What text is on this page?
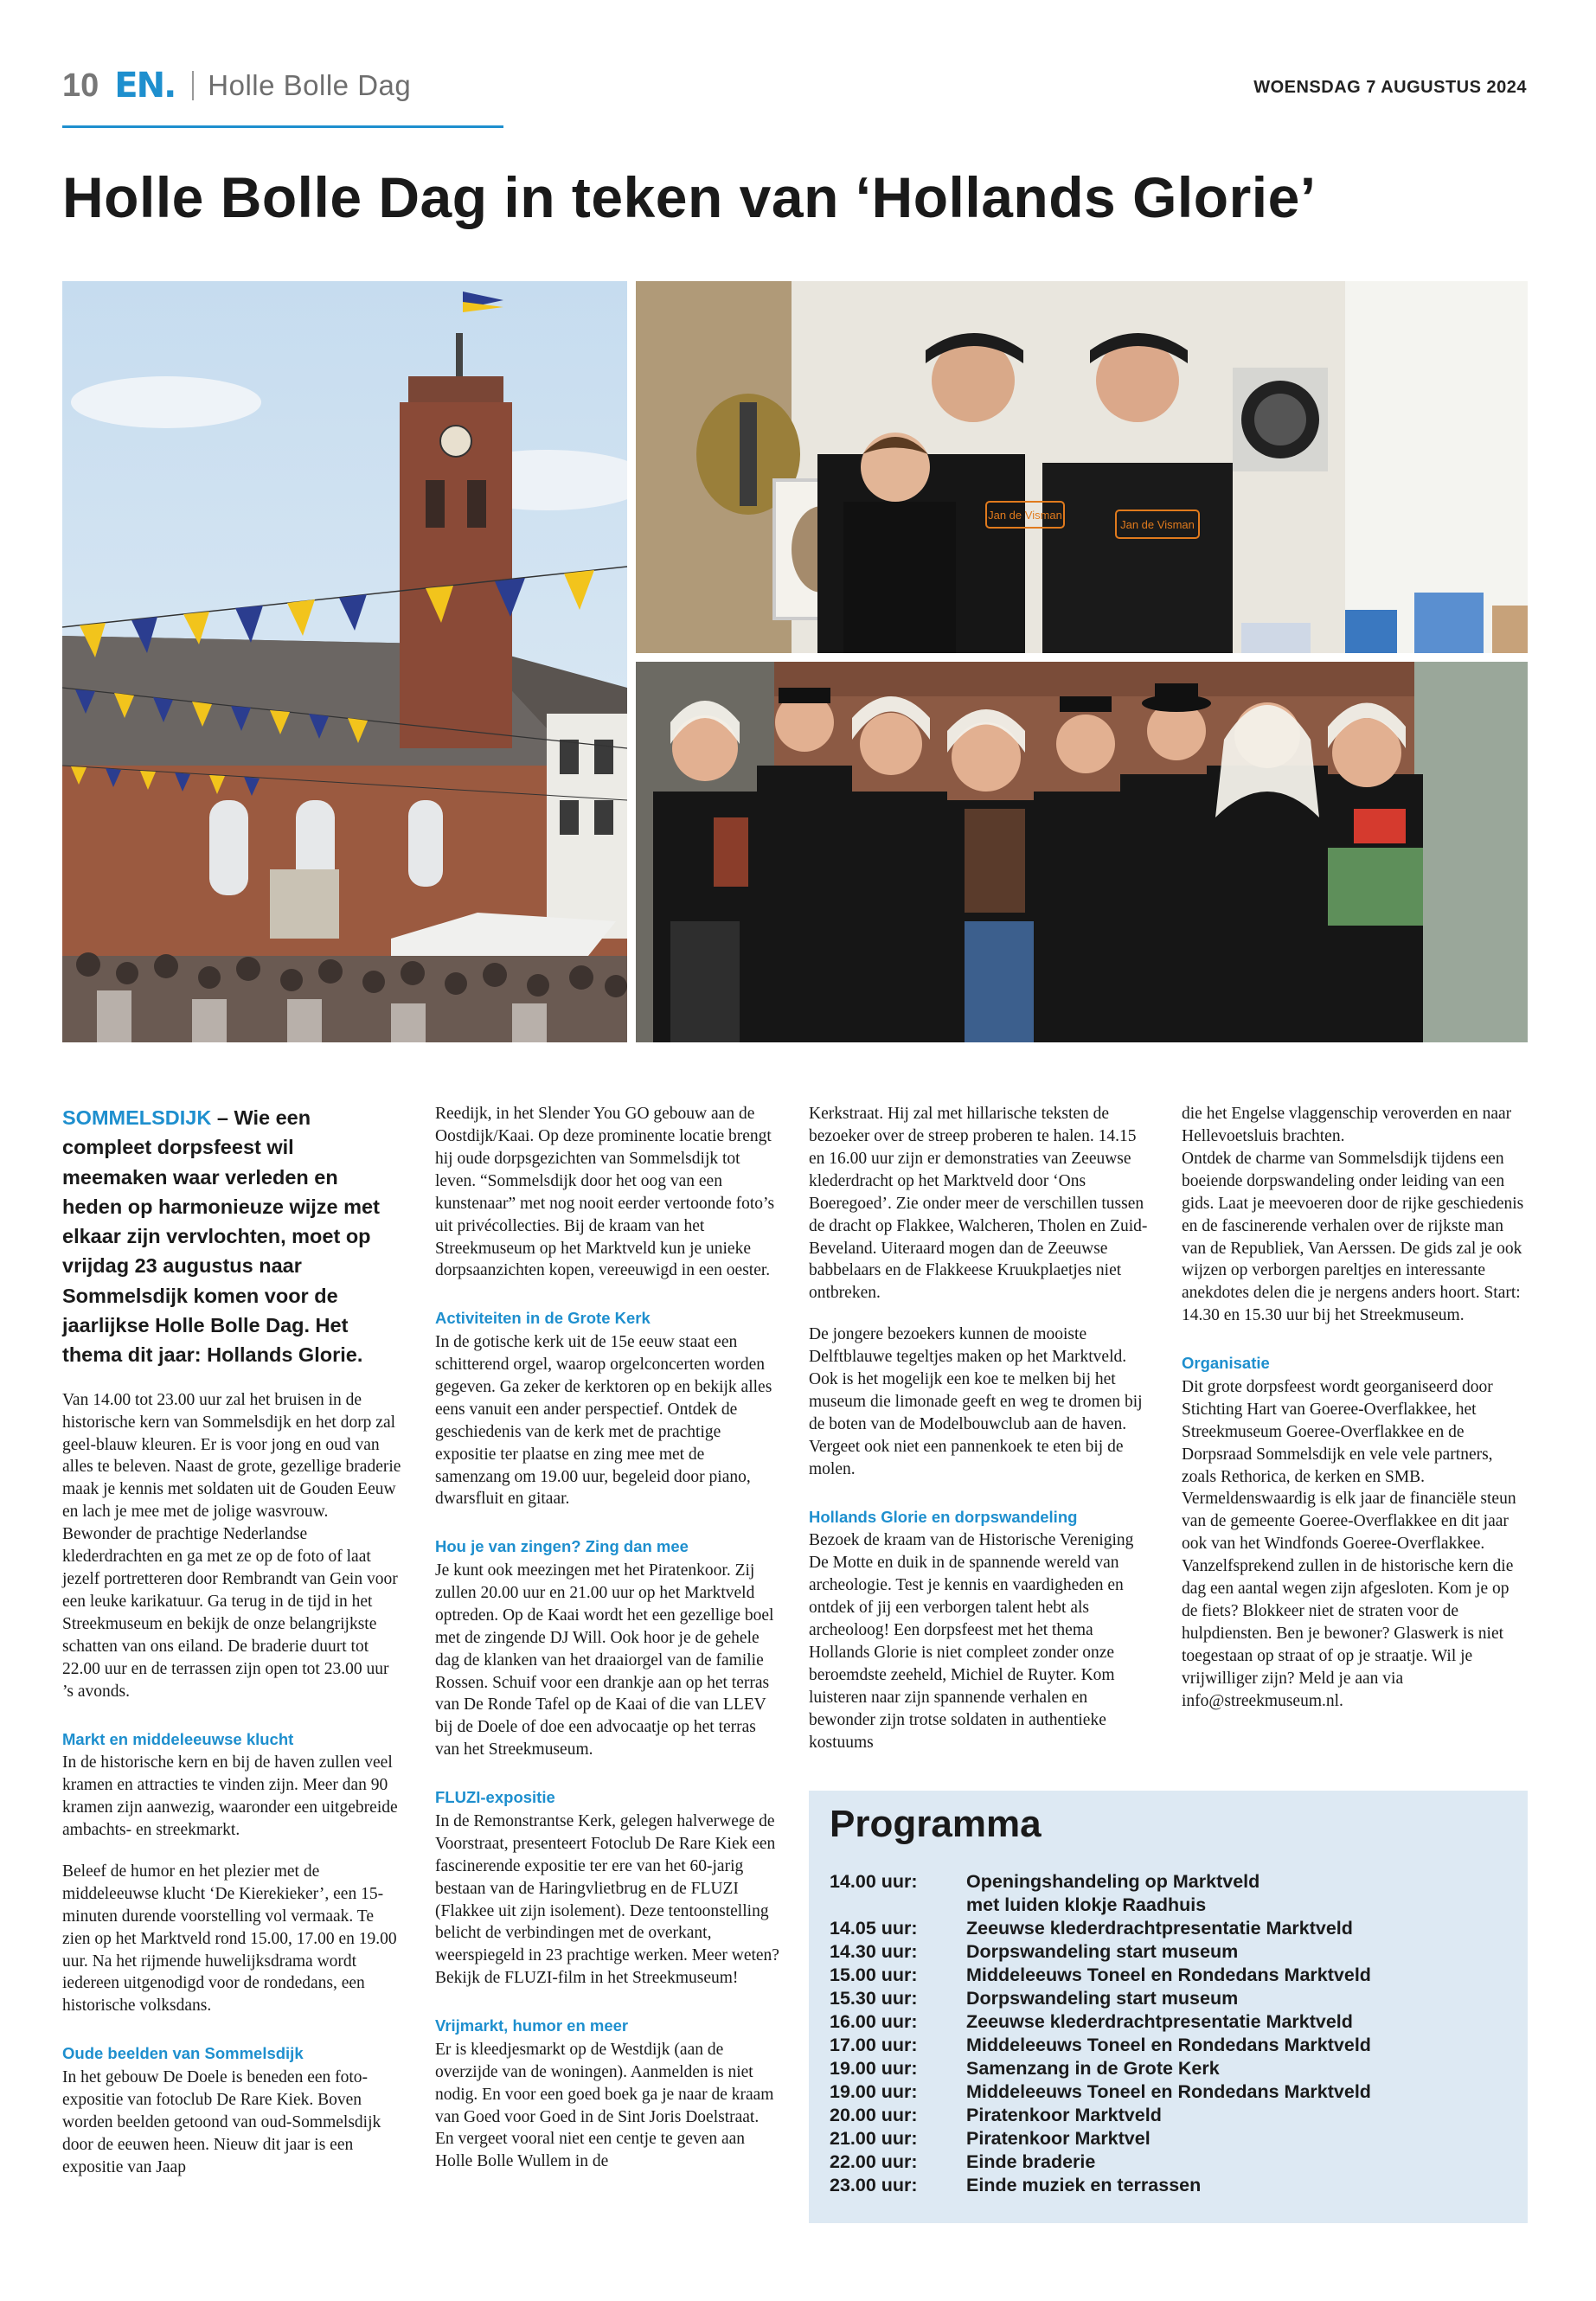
10 EN. Holle Bolle Dag	WOENSDAG 7 AUGUSTUS 2024
Holle Bolle Dag in teken van ‘Hollands Glorie’
Jan de Visman
Jan de Visman

SOMMELSDIJK – Wie een compleet dorpsfeest wil meemaken waar verleden en heden op harmonieuze wijze met elkaar zijn vervlochten, moet op vrijdag 23 augustus naar Sommelsdijk komen voor de jaarlijkse Holle Bolle Dag. Het thema dit jaar: Hollands Glorie.

Van 14.00 tot 23.00 uur zal het bruisen in de historische kern van Sommelsdijk en het dorp zal geel-blauw kleuren. Er is voor jong en oud van alles te beleven. Naast de grote, gezellige braderie maak je kennis met soldaten uit de Gouden Eeuw en lach je mee met de jolige wasvrouw. Bewonder de prachtige Nederlandse klederdrachten en ga met ze op de foto of laat jezelf portretteren door Rembrandt van Gein voor een leuke karikatuur. Ga terug in de tijd in het Streekmuseum en bekijk de onze belangrijkste schatten van ons eiland. De braderie duurt tot 22.00 uur en de terrassen zijn open tot 23.00 uur ’s avonds.

Markt en middeleeuwse klucht

In de historische kern en bij de haven zullen veel kramen en attracties te vinden zijn. Meer dan 90 kramen zijn aanwezig, waaronder een uitgebreide ambachts- en streekmarkt.

Beleef de humor en het plezier met de middeleeuwse klucht ‘De Kierekieker’, een 15-minuten durende voorstelling vol vermaak. Te zien op het Marktveld rond 15.00, 17.00 en 19.00 uur. Na het rijmende huwelijksdrama wordt iedereen uitgenodigd voor de rondedans, een historische volksdans.

Oude beelden van Sommelsdijk

In het gebouw De Doele is beneden een foto-expositie van fotoclub De Rare Kiek. Boven worden beelden getoond van oud-Sommelsdijk door de eeuwen heen. Nieuw dit jaar is een expositie van Jaap

Reedijk, in het Slender You GO gebouw aan de Oostdijk/Kaai. Op deze prominente locatie brengt hij oude dorpsgezichten van Sommelsdijk tot leven. “Sommelsdijk door het oog van een kunstenaar” met nog nooit eerder vertoonde foto’s uit privécollecties. Bij de kraam van het Streekmuseum op het Marktveld kun je unieke dorpsaanzichten kopen, vereeuwigd in een oester.

Activiteiten in de Grote Kerk

In de gotische kerk uit de 15e eeuw staat een schitterend orgel, waarop orgelconcerten worden gegeven. Ga zeker de kerktoren op en bekijk alles eens vanuit een ander perspectief. Ontdek de geschiedenis van de kerk met de prachtige expositie ter plaatse en zing mee met de samenzang om 19.00 uur, begeleid door piano, dwarsfluit en gitaar.

Hou je van zingen? Zing dan mee

Je kunt ook meezingen met het Piratenkoor. Zij zullen 20.00 uur en 21.00 uur op het Marktveld optreden. Op de Kaai wordt het een gezellige boel met de zingende DJ Will. Ook hoor je de gehele dag de klanken van het draaiorgel van de familie Rossen. Schuif voor een drankje aan op het terras van De Ronde Tafel op de Kaai of die van LLEV bij de Doele of doe een advocaatje op het terras van het Streekmuseum.

FLUZI-expositie

In de Remonstrantse Kerk, gelegen halverwege de Voorstraat, presenteert Fotoclub De Rare Kiek een fascinerende expositie ter ere van het 60-jarig bestaan van de Haringvlietbrug en de FLUZI (Flakkee uit zijn isolement). Deze tentoonstelling belicht de verbindingen met de overkant, weerspiegeld in 23 prachtige werken. Meer weten? Bekijk de FLUZI-film in het Streekmuseum!

Vrijmarkt, humor en meer

Er is kleedjesmarkt op de Westdijk (aan de overzijde van de woningen). Aanmelden is niet nodig. En voor een goed boek ga je naar de kraam van Goed voor Goed in de Sint Joris Doelstraat. En vergeet vooral niet een centje te geven aan Holle Bolle Wullem in de

Kerkstraat. Hij zal met hillarische teksten de bezoeker over de streep proberen te halen. 14.15 en 16.00 uur zijn er demonstraties van Zeeuwse klederdracht op het Marktveld door ‘Ons Boeregoed’. Zie onder meer de verschillen tussen de dracht op Flakkee, Walcheren, Tholen en Zuid-Beveland. Uiteraard mogen dan de Zeeuwse babbelaars en de Flakkeese Kruukplaetjes niet ontbreken.

De jongere bezoekers kunnen de mooiste Delftblauwe tegeltjes maken op het Marktveld. Ook is het mogelijk een koe te melken bij het museum die limonade geeft en weg te dromen bij de boten van de Modelbouwclub aan de haven. Vergeet ook niet een pannenkoek te eten bij de molen.

Hollands Glorie en dorpswandeling

Bezoek de kraam van de Historische Vereniging De Motte en duik in de spannende wereld van archeologie. Test je kennis en vaardigheden en ontdek of jij een verborgen talent hebt als archeoloog! Een dorpsfeest met het thema Hollands Glorie is niet compleet zonder onze beroemdste zeeheld, Michiel de Ruyter. Kom luisteren naar zijn spannende verhalen en bewonder zijn trotse soldaten in authentieke kostuums

die het Engelse vlaggenschip veroverden en naar Hellevoetsluis brachten.

Ontdek de charme van Sommelsdijk tijdens een boeiende dorpswandeling onder leiding van een gids. Laat je meevoeren door de rijke geschiedenis en de fascinerende verhalen over de rijkste man van de Republiek, Van Aerssen. De gids zal je ook wijzen op verborgen pareltjes en interessante anekdotes delen die je nergens anders hoort. Start: 14.30 en 15.30 uur bij het Streekmuseum.

Organisatie

Dit grote dorpsfeest wordt georganiseerd door Stichting Hart van Goeree-Overflakkee, het Streekmuseum Goeree-Overflakkee en de Dorpsraad Sommelsdijk en vele vele partners, zoals Rethorica, de kerken en SMB. Vermeldenswaardig is elk jaar de financiële steun van de gemeente Goeree-Overflakkee en dit jaar ook van het Windfonds Goeree-Overflakkee. Vanzelfsprekend zullen in de historische kern die dag een aantal wegen zijn afgesloten. Kom je op de fiets? Blokkeer niet de straten voor de hulpdiensten. Ben je bewoner? Glaswerk is niet toegestaan op straat of op je straatje. Wil je vrijwilliger zijn? Meld je aan via info@streekmuseum.nl.

Programma
14.00 uur:	Openingshandeling op Marktveld
met luiden klokje Raadhuis
14.05 uur:	Zeeuwse klederdrachtpresentatie Marktveld
14.30 uur:	Dorpswandeling start museum
15.00 uur:	Middeleeuws Toneel en Rondedans Marktveld
15.30 uur:	Dorpswandeling start museum
16.00 uur:	Zeeuwse klederdrachtpresentatie Marktveld
17.00 uur:	Middeleeuws Toneel en Rondedans Marktveld
19.00 uur:	Samenzang in de Grote Kerk
19.00 uur:	Middeleeuws Toneel en Rondedans Marktveld
20.00 uur:	Piratenkoor Marktveld
21.00 uur:	Piratenkoor Marktvel
22.00 uur:	Einde braderie
23.00 uur:	Einde muziek en terrassen
